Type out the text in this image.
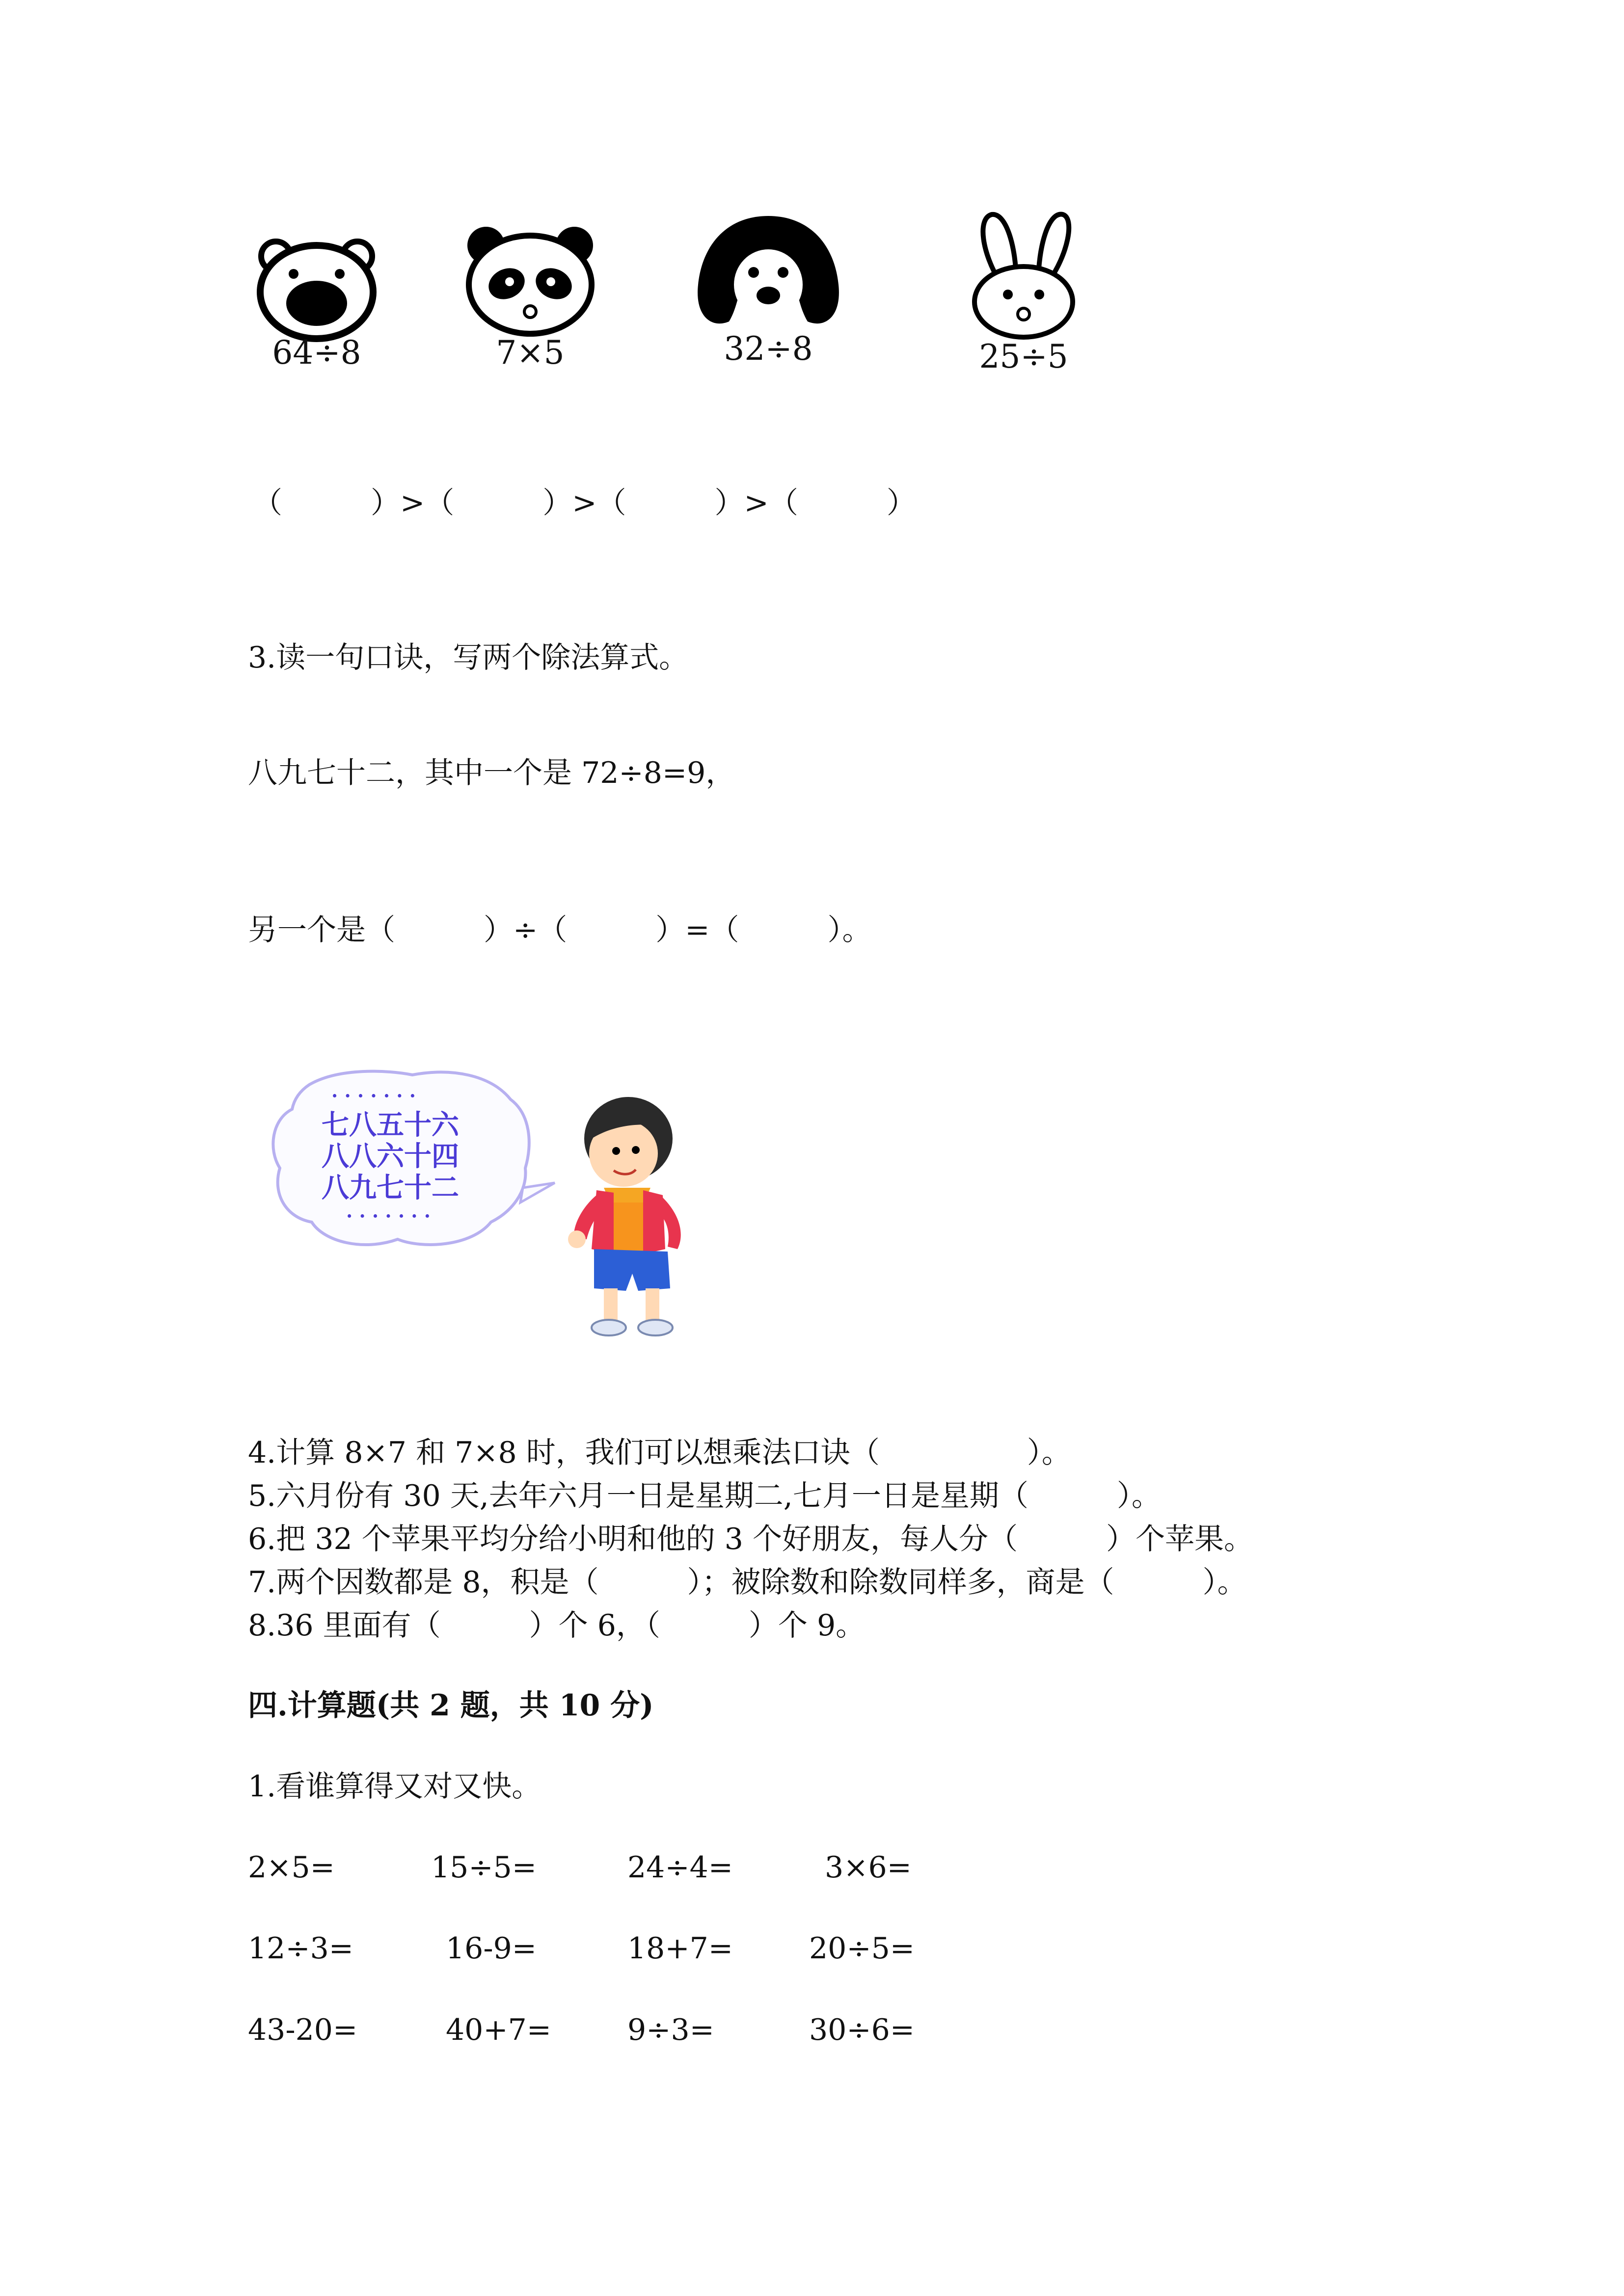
64÷8	7×5	32÷8	25÷5
（　　　）>（　　　）>（　　　）>（　　　）
3.读一句口诀，写两个除法算式。
八九七十二，其中一个是 72÷8=9，
另一个是（　　　）÷（　　　）=（　　　）。
· · · · · · ·
七八五十六
八八六十四
八九七十二
· · · · · · ·
4.计算 8×7 和 7×8 时，我们可以想乘法口诀（　　　　　）。
5.六月份有 30 天,去年六月一日是星期二,七月一日是星期（　　　）。
6.把 32 个苹果平均分给小明和他的 3 个好朋友，每人分（　　　）个苹果。
7.两个因数都是 8，积是（　　　）；被除数和除数同样多，商是（　　　）。
8.36 里面有（　　　）个 6，（　　　）个 9。
四.计算题(共 2 题，共 10 分)
1.看谁算得又对又快。
2×5=	15÷5=	24÷4=	3×6=
12÷3=	16-9=	18+7=	20÷5=
43-20=	40+7=	9÷3=	30÷6=
